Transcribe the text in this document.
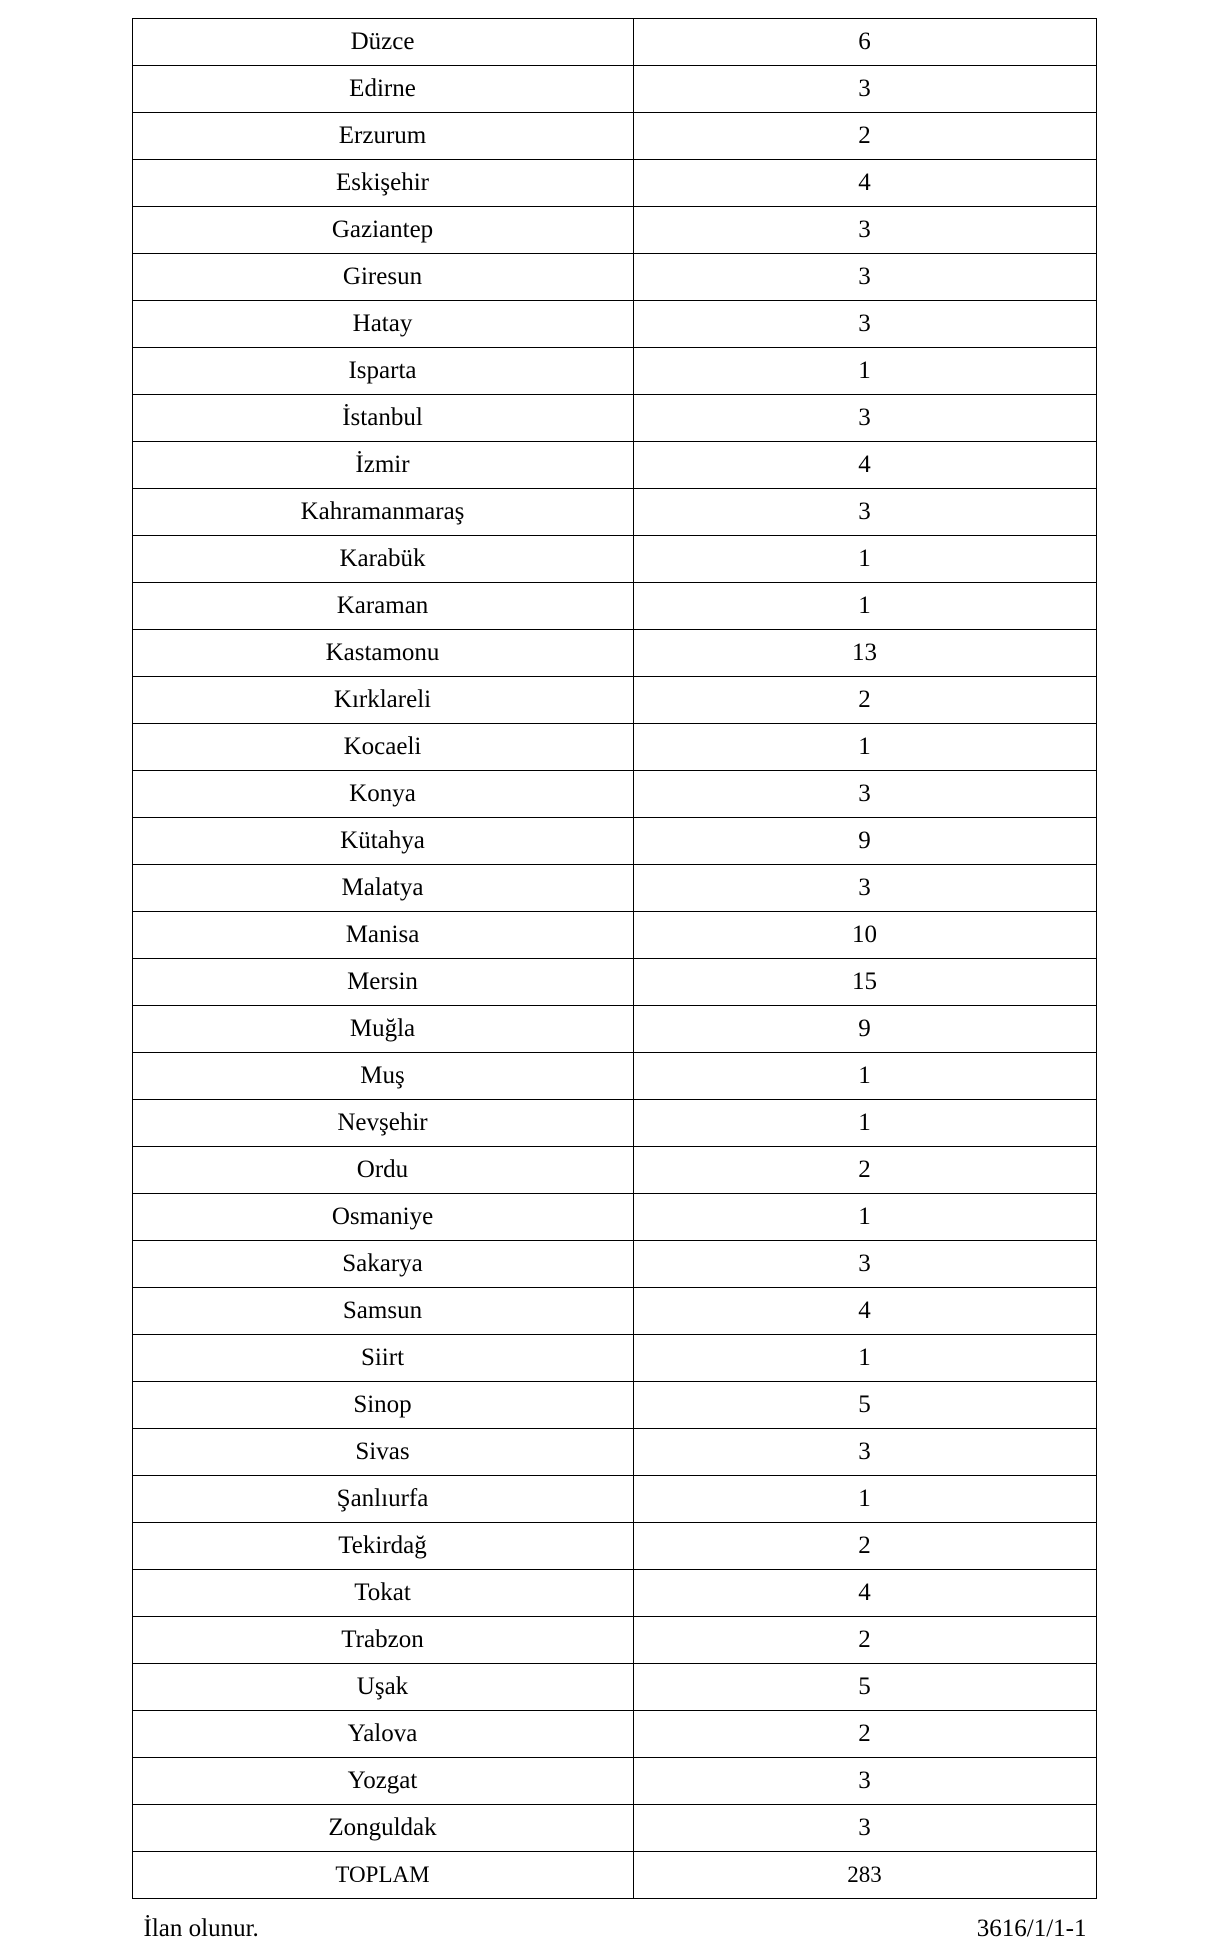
Düzce	6
Edirne	3
Erzurum	2
Eskişehir	4
Gaziantep	3
Giresun	3
Hatay	3
Isparta	1
İstanbul	3
İzmir	4
Kahramanmaraş	3
Karabük	1
Karaman	1
Kastamonu	13
Kırklareli	2
Kocaeli	1
Konya	3
Kütahya	9
Malatya	3
Manisa	10
Mersin	15
Muğla	9
Muş	1
Nevşehir	1
Ordu	2
Osmaniye	1
Sakarya	3
Samsun	4
Siirt	1
Sinop	5
Sivas	3
Şanlıurfa	1
Tekirdağ	2
Tokat	4
Trabzon	2
Uşak	5
Yalova	2
Yozgat	3
Zonguldak	3
TOPLAM	283
İlan olunur.	3616/1/1-1
